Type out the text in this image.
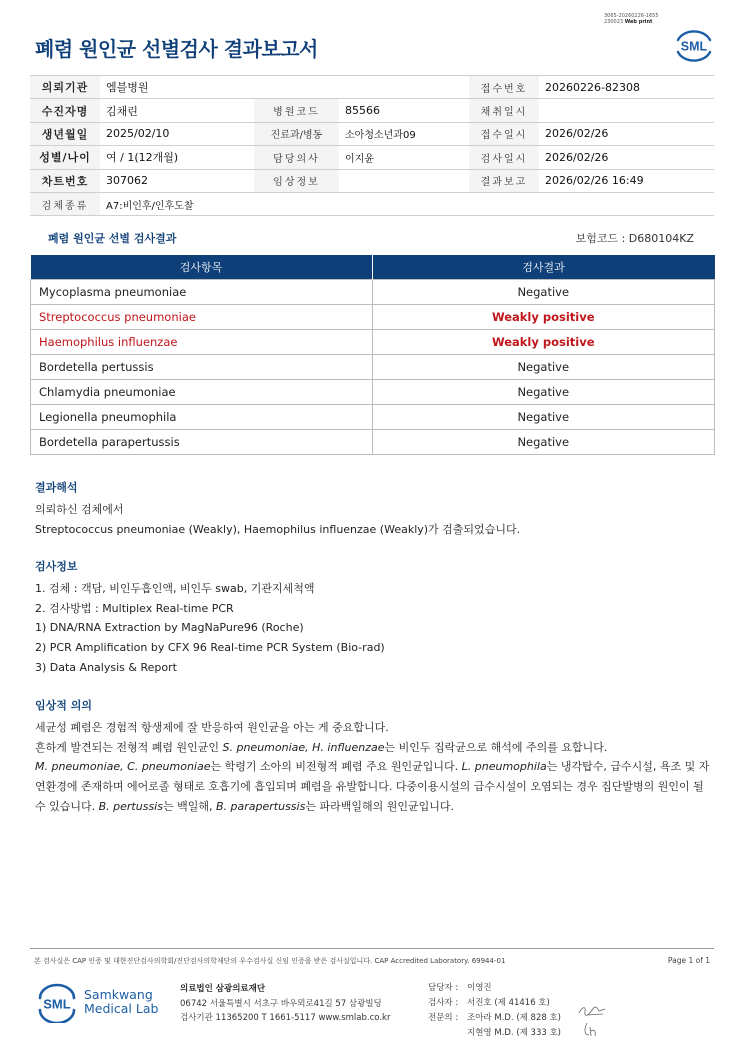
3065-20260226-1655
230023 Web print
폐렴 원인균 선별검사 결과보고서	SML
의뢰기관	엠블병원			접수번호	20260226-82308
수진자명	김채린	병원코드	85566	채취일시	
생년월일	2025/02/10	진료과/병동	소아청소년과09	접수일시	2026/02/26
성별/나이	여 / 1(12개월)	담당의사	이지윤	검사일시	2026/02/26
차트번호	307062	임상정보		결과보고	2026/02/26 16:49
검체종류	A7:비인후/인후도찰				
폐렴 원인균 선별 검사결과	보험코드 : D680104KZ
검사항목	검사결과
Mycoplasma pneumoniae	Negative
Streptococcus pneumoniae	Weakly positive
Haemophilus influenzae	Weakly positive
Bordetella pertussis	Negative
Chlamydia pneumoniae	Negative
Legionella pneumophila	Negative
Bordetella parapertussis	Negative
결과해석

의뢰하신 검체에서

Streptococcus pneumoniae (Weakly), Haemophilus influenzae (Weakly)가 검출되었습니다.

검사정보

1. 검체 : 객담, 비인두흡인액, 비인두 swab, 기관지세척액

2. 검사방법 : Multiplex Real-time PCR

1) DNA/RNA Extraction by MagNaPure96 (Roche)

2) PCR Amplification by CFX 96 Real-time PCR System (Bio-rad)

3) Data Analysis & Report

임상적 의의

세균성 폐렴은 경험적 항생제에 잘 반응하여 원인균을 아는 게 중요합니다.

흔하게 발견되는 전형적 폐렴 원인균인 S. pneumoniae, H. influenzae는 비인두 집락균으로 해석에 주의를 요합니다.

M. pneumoniae, C. pneumoniae는 학령기 소아의 비전형적 폐렴 주요 원인균입니다. L. pneumophila는 냉각탑수, 급수시설, 욕조 및 자연환경에 존재하며 에어로졸 형태로 호흡기에 흡입되며 폐렴을 유발합니다. 다중이용시설의 급수시설이 오염되는 경우 집단발병의 원인이 될 수 있습니다. B. pertussis는 백일해, B. parapertussis는 파라백일해의 원인균입니다.

본 검사실은 CAP 인증 및 대한진단검사의학회/진단검사의학재단의 우수검사실 신임 인증을 받은 검사실입니다. CAP Accredited Laboratory. 69944-01	Page 1 of 1
SML
Samkwang
Medical Lab
의료법인 삼광의료재단
06742 서울특별시 서초구 바우뫼로41길 57 삼광빌딩
검사기관 11365200 T 1661-5117 www.smlab.co.kr
담당자 :	이영진
검사자 :	서진호 (제 41416 호)
전문의 :	조아라 M.D. (제 828 호)
지현영 M.D. (제 333 호)
